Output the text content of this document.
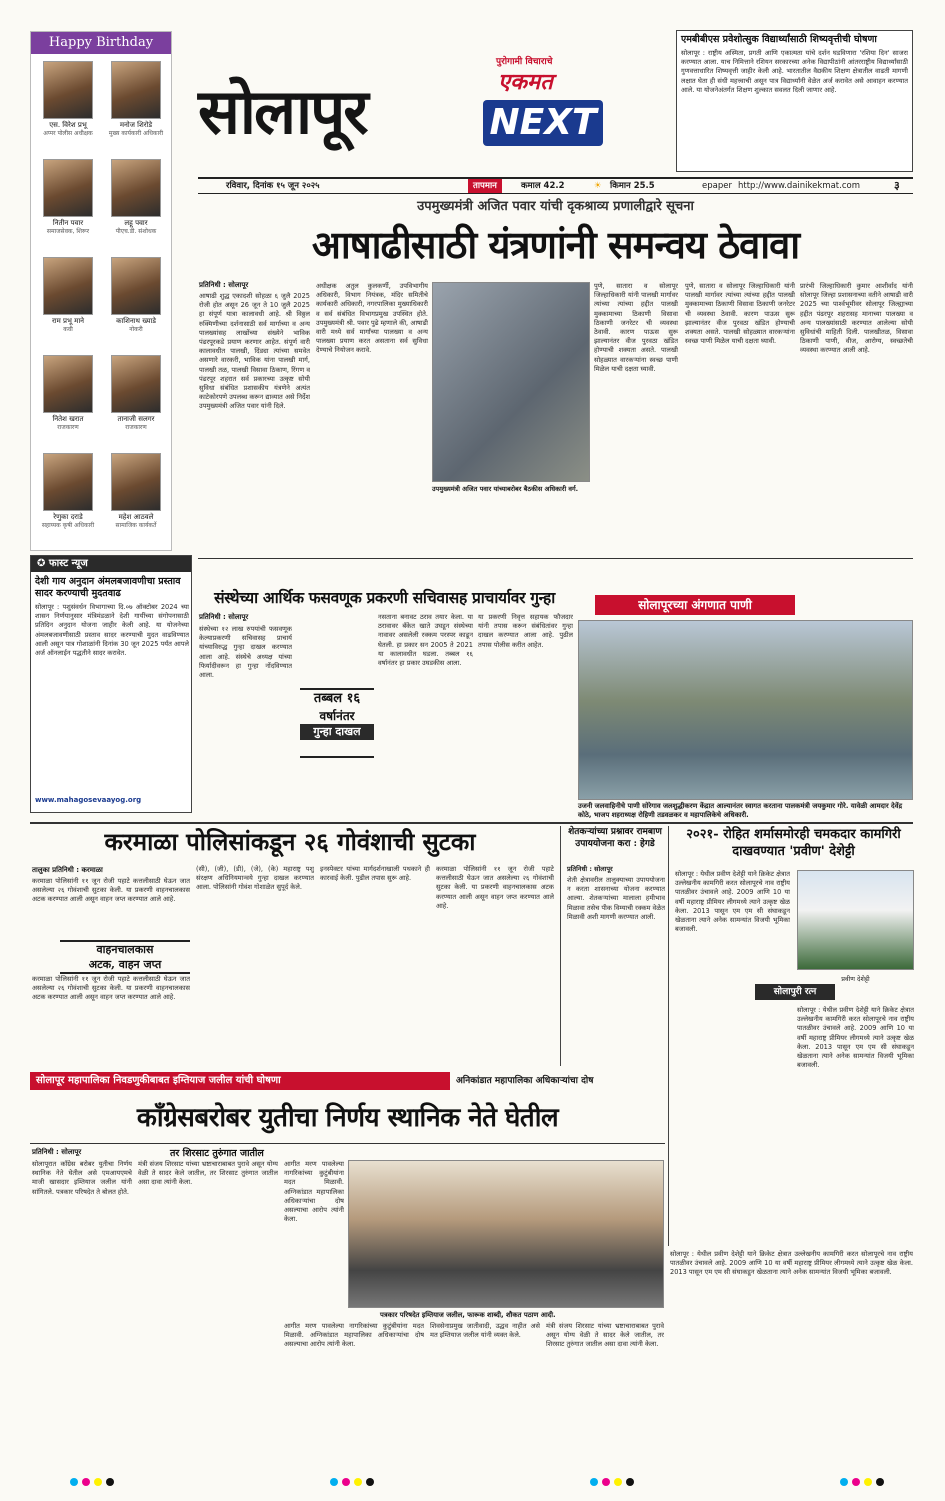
Happy Birthday
एस. विरेश प्रभू
अप्पर पोलीस अधीक्षक
मनोज शिरोडे
मुख्य कार्यकारी अधिकारी
नितीन पवार
समाजसेवक, शिरूर
लहू पवार
पीएच.डी. संशोधक
राम प्रभू माने
कवी
काशिनाथ ख्याडे
नोकरी
नितेश खरात
राजकारण
तानाजी सलगर
राजकारण
रेणुका दराडे
सहाय्यक कृषी अधिकारी
महेश आठवले
सामाजिक कार्यकर्ते
सोलापूर
पुरोगामी विचाराचे
एकमत
NEXT
एमबीबीएस प्रवेशोत्सुक विद्यार्थ्यांसाठी शिष्यवृत्तीची घोषणा
सोलापूर : राष्ट्रीय अस्मिता, प्रगती आणि एकात्मता यांचे दर्शन घडविणारा 'रशिया दिन' साजरा करण्यात आला. याच निमित्ताने रशियन सरकारच्या अनेक विद्यापीठांनी आंतरराष्ट्रीय विद्यार्थ्यांसाठी गुणवत्ताधारित शिष्यवृत्ती जाहीर केली आहे. भारतातील वैद्यकीय शिक्षण क्षेत्रातील वाढती मागणी लक्षात घेता ही संधी महत्त्वाची असून पात्र विद्यार्थ्यांनी वेळेत अर्ज करावेत असे आवाहन करण्यात आले. या योजनेअंतर्गत शिक्षण शुल्कात सवलत दिली जाणार आहे.
रविवार, दिनांक १५ जून २०२५	तापमान	कमाल 42.2	☀ किमान 25.5	epaper http://www.dainikekmat.com	३
उपमुख्यमंत्री अजित पवार यांची दृकश्राव्य प्रणालीद्वारे सूचना
आषाढीसाठी यंत्रणांनी समन्वय ठेवावा
प्रतिनिधी : सोलापूर
आषाढी शुद्ध एकादशी सोहळा ६ जुलै 2025 रोजी होत असून 26 जून ते 10 जुलै 2025 हा संपूर्ण यात्रा कालावधी आहे. श्री विठ्ठल रुक्मिणीच्या दर्शनासाठी सर्व मार्गाच्या व अन्य पालख्यांसह लाखोंच्या संख्येने भाविक पंढरपूरकडे प्रयाण करणार आहेत. संपूर्ण वारी कालावधीत पालखी, दिंड्या त्यांच्या समवेत असणारे वारकरी, भाविक यांना पालखी मार्ग, पालखी तळ, पालखी विसावा ठिकाण, रिंगण व पंढरपूर शहरात सर्व प्रकारच्या उत्कृष्ट सोयी सुविधा संबंधित प्रशासकीय यंत्रणेने अत्यंत काटेकोरपणे उपलब्ध करून द्याव्यात असे निर्देश उपमुख्यमंत्री अजित पवार यांनी दिले.
अधीक्षक अतुल कुलकर्णी, उपविभागीय अधिकारी, विभाग नियंत्रक, मंदिर समितीचे कार्यकारी अधिकारी, नगरपालिका मुख्याधिकारी व सर्व संबंधित विभागप्रमुख उपस्थित होते. उपमुख्यमंत्री श्री. पवार पुढे म्हणाले की, आषाढी वारी मध्ये सर्व मार्गांच्या पालख्या व अन्य पालख्या प्रयाण करत असताना सर्व सुविधा देण्याचे नियोजन करावे.
उपमुख्यमंत्री अजित पवार यांच्याबरोबर बैठकीस अधिकारी वर्ग.
पुणे, सातारा व सोलापूर जिल्हाधिकारी यांनी पालखी मार्गावर त्यांच्या त्यांच्या हद्दीत पालखी मुक्कामाच्या ठिकाणी विसावा ठिकाणी जनरेटर ची व्यवस्था ठेवावी. कारण पाऊस सुरू झाल्यानंतर वीज पुरवठा खंडित होण्याची शक्यता असते. पालखी सोहळ्यात वारकऱ्यांना स्वच्छ पाणी मिळेल याची दक्षता घ्यावी.
प्रारंभी जिल्हाधिकारी कुमार आशीर्वाद यांनी सोलापूर जिल्हा प्रशासनाच्या वतीने आषाढी वारी 2025 च्या पार्श्वभूमीवर सोलापूर जिल्ह्याच्या हद्दीत पंढरपूर शहरासह मानाच्या पालख्या व अन्य पालख्यांसाठी करण्यात आलेल्या सोयी सुविधांची माहिती दिली. पालखीतळ, विसावा ठिकाणी पाणी, वीज, आरोग्य, स्वच्छतेची व्यवस्था करण्यात आली आहे.
पुणे, सातारा व सोलापूर जिल्हाधिकारी यांनी पालखी मार्गावर त्यांच्या त्यांच्या हद्दीत पालखी मुक्कामाच्या ठिकाणी विसावा ठिकाणी जनरेटर ची व्यवस्था ठेवावी. कारण पाऊस सुरू झाल्यानंतर वीज पुरवठा खंडित होण्याची शक्यता असते. पालखी सोहळ्यात वारकऱ्यांना स्वच्छ पाणी मिळेल याची दक्षता घ्यावी.
✪ फास्ट न्यूज
देशी गाय अनुदान अंमलबजावणीचा प्रस्ताव सादर करण्याची मुदतवाढ
सोलापूर : पशुसंवर्धन विभागाच्या दि.०७ ऑक्टोबर 2024 च्या शासन निर्णयानुसार मंत्रिमंडळाने देशी गायींच्या संगोपनासाठी प्रतिदिन अनुदान योजना जाहीर केली आहे. या योजनेच्या अंमलबजावणीसाठी प्रस्ताव सादर करण्याची मुदत वाढविण्यात आली असून पात्र गोशाळांनी दिनांक 30 जून 2025 पर्यंत आपले अर्ज ऑनलाईन पद्धतीने सादर करावेत.
www.mahagosevaayog.org
संस्थेच्या आर्थिक फसवणूक प्रकरणी सचिवासह प्राचार्यावर गुन्हा
प्रतिनिधी : सोलापूर
संस्थेच्या १२ लाख रुपयांची फसवणूक केल्याप्रकरणी सचिवासह प्राचार्य यांच्याविरुद्ध गुन्हा दाखल करण्यात आला आहे. संस्थेचे अध्यक्ष यांच्या फिर्यादीवरून हा गुन्हा नोंदविण्यात आला.
तब्बल १६
वर्षानंतर
गुन्हा दाखल
नसताना बनावट ठराव तयार केला. या ठरावावर बँकेत खाते उघडून संस्थेच्या नावावर असलेली रक्कम परस्पर काढून घेतली. हा प्रकार सन 2005 ते 2021 या कालावधीत घडला. तब्बल १६ वर्षानंतर हा प्रकार उघडकीस आला.
या प्रकरणी निवृत्त सहायक फौजदार यांनी तपास करून संबंधितांवर गुन्हा दाखल करण्यात आला आहे. पुढील तपास पोलीस करीत आहेत.
सोलापूरच्या अंगणात पाणी
उजनी जलवाहिनीचे पाणी सोरेगाव जलशुद्धीकरण केंद्रात आल्यानंतर स्वागत करताना पालकमंत्री जयकुमार गोरे. यावेळी आमदार देवेंद्र कोठे, भाजप शहराध्यक्ष रोहिणी तडवळकर व महापालिकेचे अधिकारी.
करमाळा पोलिसांकडून २६ गोवंशाची सुटका
तालुका प्रतिनिधी : करमाळा
करमाळा पोलिसांनी ११ जून रोजी पहाटे कत्तलीसाठी घेऊन जात असलेल्या २६ गोवंशाची सुटका केली. या प्रकरणी वाहनचालकास अटक करण्यात आली असून वाहन जप्त करण्यात आले आहे.
वाहनचालकास
अटक, वाहन जप्त
करमाळा पोलिसांनी ११ जून रोजी पहाटे कत्तलीसाठी घेऊन जात असलेल्या २६ गोवंशाची सुटका केली. या प्रकरणी वाहनचालकास अटक करण्यात आली असून वाहन जप्त करण्यात आले आहे.
(सी), (जी), (डी), (जे), (के) महाराष्ट्र पशु संरक्षण अधिनियमान्वये गुन्हा दाखल करण्यात आला. पोलिसांनी गोवंश गोशाळेत सुपूर्द केले.
इनस्पेक्टर यांच्या मार्गदर्शनाखाली पथकाने ही कारवाई केली. पुढील तपास सुरू आहे.
करमाळा पोलिसांनी ११ जून रोजी पहाटे कत्तलीसाठी घेऊन जात असलेल्या २६ गोवंशाची सुटका केली. या प्रकरणी वाहनचालकास अटक करण्यात आली असून वाहन जप्त करण्यात आले आहे.
शेतकऱ्यांच्या प्रश्नावर रामबाण उपाययोजना करा : हेगडे
प्रतिनिधी : सोलापूर
शेती क्षेत्रावरील तालुक्याच्या उपाययोजना न करता शासनाच्या योजना करण्यात आल्या. शेतकऱ्यांच्या मालाला हमीभाव मिळावा तसेच पीक विम्याची रक्कम वेळेत मिळावी अशी मागणी करण्यात आली.
२०२१- रोहित शर्मासमोरही चमकदार कामगिरी दाखवण्यात 'प्रवीण' देशेट्टी
सोलापूर : येथील प्रवीण देशेट्टी याने क्रिकेट क्षेत्रात उल्लेखनीय कामगिरी करत सोलापूरचे नाव राष्ट्रीय पातळीवर उंचावले आहे. 2009 आणि 10 या वर्षी महाराष्ट्र प्रीमियर लीगमध्ये त्याने उत्कृष्ट खेळ केला. 2013 पासून एम एम सी संघाकडून खेळताना त्याने अनेक सामन्यांत विजयी भूमिका बजावली.
प्रवीण देशेट्टी
सोलापुरी रत्न
सोलापूर : येथील प्रवीण देशेट्टी याने क्रिकेट क्षेत्रात उल्लेखनीय कामगिरी करत सोलापूरचे नाव राष्ट्रीय पातळीवर उंचावले आहे. 2009 आणि 10 या वर्षी महाराष्ट्र प्रीमियर लीगमध्ये त्याने उत्कृष्ट खेळ केला. 2013 पासून एम एम सी संघाकडून खेळताना त्याने अनेक सामन्यांत विजयी भूमिका बजावली.
सोलापूर महापालिका निवडणुकीबाबत इम्तियाज जलील यांची घोषणा	अनिकांडात महापालिका अधिकाऱ्यांचा दोष
काँग्रेसबरोबर युतीचा निर्णय स्थानिक नेते घेतील
प्रतिनिधी : सोलापूर	तर शिरसाट तुरुंगात जातील
सोलापूरात काँग्रेस बरोबर युतीचा निर्णय स्थानिक नेते घेतील असे एमआयएमचे माजी खासदार इम्तियाज जलील यांनी सांगितले. पत्रकार परिषदेत ते बोलत होते.
मंत्री संजय शिरसाट यांच्या भ्रष्टाचाराबाबत पुरावे असून योग्य वेळी ते सादर केले जातील, तर शिरसाट तुरुंगात जातील असा दावा त्यांनी केला.
आगीत मरण पावलेल्या नागरिकांच्या कुटुंबीयांना मदत मिळावी. अग्निकांडात महापालिका अधिकाऱ्यांचा दोष असल्याचा आरोप त्यांनी केला.
पत्रकार परिषदेत इम्तियाज जलील, फारूक शाब्दी, शौकत पठाण आदी.
आगीत मरण पावलेल्या नागरिकांच्या कुटुंबीयांना मदत मिळावी. अग्निकांडात महापालिका अधिकाऱ्यांचा दोष असल्याचा आरोप त्यांनी केला.
शिवसेनाप्रमुख जातीवादी, उद्धव नाहीत असे मत इम्तियाज जलील यांनी व्यक्त केले.
मंत्री संजय शिरसाट यांच्या भ्रष्टाचाराबाबत पुरावे असून योग्य वेळी ते सादर केले जातील, तर शिरसाट तुरुंगात जातील असा दावा त्यांनी केला.
सोलापूर : येथील प्रवीण देशेट्टी याने क्रिकेट क्षेत्रात उल्लेखनीय कामगिरी करत सोलापूरचे नाव राष्ट्रीय पातळीवर उंचावले आहे. 2009 आणि 10 या वर्षी महाराष्ट्र प्रीमियर लीगमध्ये त्याने उत्कृष्ट खेळ केला. 2013 पासून एम एम सी संघाकडून खेळताना त्याने अनेक सामन्यांत विजयी भूमिका बजावली.
